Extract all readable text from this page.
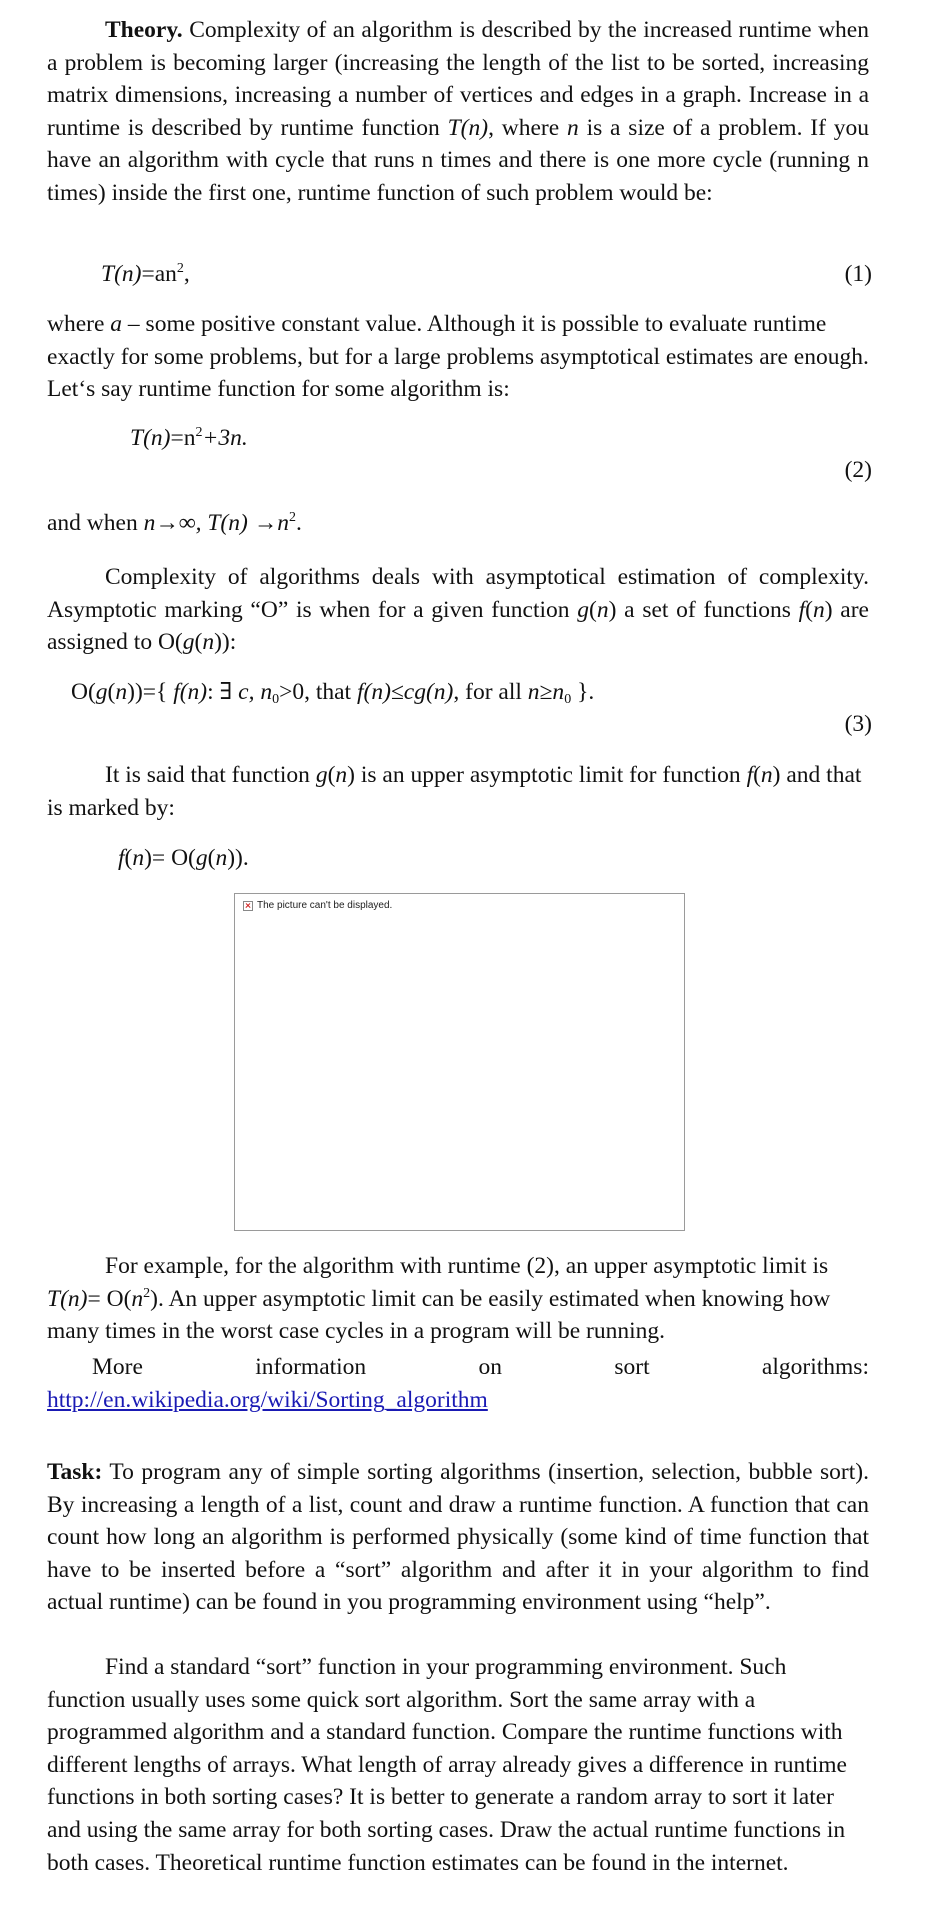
Theory. Complexity of an algorithm is described by the increased runtime when a problem is becoming larger (increasing the length of the list to be sorted, increasing matrix dimensions, increasing a number of vertices and edges in a graph. Increase in a runtime is described by runtime function T(n), where n is a size of a problem. If you have an algorithm with cycle that runs n times and there is one more cycle (running n times) inside the first one, runtime function of such problem would be:

$T(n)=an^2$,	(1)

where a – some positive constant value. Although it is possible to evaluate runtime exactly for some problems, but for a large problems asymptotical estimates are enough. Let‘s say runtime function for some algorithm is:

$T(n)=n^2+3n$.
(2)

and when n→∞, $T(n) \to n^2$.

Complexity of algorithms deals with asymptotical estimation of complexity. Asymptotic marking “O” is when for a given function g(n) a set of functions f(n) are assigned to O(g(n)):

O(g(n))={ f(n): ∃ c, $n_0>0$, that f(n)≤cg(n), for all $n\ge n_0$ }.
(3)

It is said that function g(n) is an upper asymptotic limit for function f(n) and that is marked by:

f(n)= O(g(n)).
The picture can't be displayed.

For example, for the algorithm with runtime (2), an upper asymptotic limit is $T(n)= O(n^2)$. An upper asymptotic limit can be easily estimated when knowing how many times in the worst case cycles in a program will be running.

More	information	on	sort	algorithms:

http://en.wikipedia.org/wiki/Sorting_algorithm

Task: To program any of simple sorting algorithms (insertion, selection, bubble sort). By increasing a length of a list, count and draw a runtime function. A function that can count how long an algorithm is performed physically (some kind of time function that have to be inserted before a “sort” algorithm and after it in your algorithm to find actual runtime) can be found in you programming environment using “help”.

Find a standard “sort” function in your programming environment. Such function usually uses some quick sort algorithm. Sort the same array with a programmed algorithm and a standard function. Compare the runtime functions with different lengths of arrays. What length of array already gives a difference in runtime functions in both sorting cases? It is better to generate a random array to sort it later and using the same array for both sorting cases. Draw the actual runtime functions in both cases. Theoretical runtime function estimates can be found in the internet.
